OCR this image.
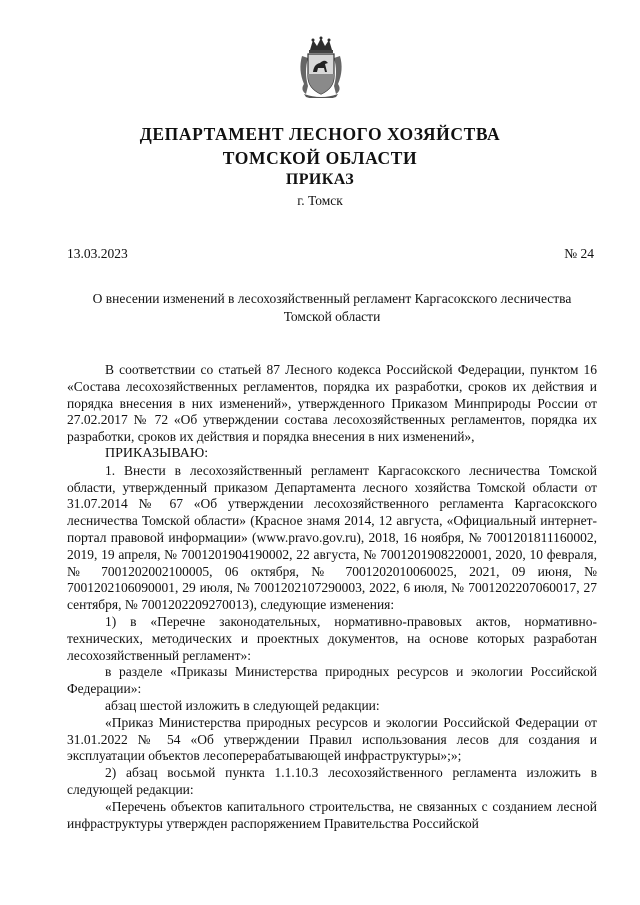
ДЕПАРТАМЕНТ ЛЕСНОГО ХОЗЯЙСТВА
ТОМСКОЙ ОБЛАСТИ
ПРИКАЗ
г. Томск
13.03.2023	№ 24
О внесении изменений в лесохозяйственный регламент Каргасокского лесничества
Томской области

В соответствии со статьей 87 Лесного кодекса Российской Федерации, пунктом 16 «Состава лесохозяйственных регламентов, порядка их разработки, сроков их действия и порядка внесения в них изменений», утвержденного Приказом Минприроды России от 27.02.2017 № 72 «Об утверждении состава лесохозяйственных регламентов, порядка их разработки, сроков их действия и порядка внесения в них изменений»,

ПРИКАЗЫВАЮ:

1. Внести в лесохозяйственный регламент Каргасокского лесничества Томской области, утвержденный приказом Департамента лесного хозяйства Томской области от 31.07.2014 № 67 «Об утверждении лесохозяйственного регламента Каргасокского лесничества Томской области» (Красное знамя 2014, 12 августа, «Официальный интернет-портал правовой информации» (www.pravo.gov.ru), 2018, 16 ноября, № 7001201811160002, 2019, 19 апреля, № 7001201904190002, 22 августа, № 7001201908220001, 2020, 10 февраля, № 7001202002100005, 06 октября, № 7001202010060025, 2021, 09 июня, № 7001202106090001, 29 июля, № 7001202107290003, 2022, 6 июля, № 7001202207060017, 27 сентября, № 7001202209270013), следующие изменения:

1) в «Перечне законодательных, нормативно-правовых актов, нормативно-технических, методических и проектных документов, на основе которых разработан лесохозяйственный регламент»:

в разделе «Приказы Министерства природных ресурсов и экологии Российской Федерации»:

абзац шестой изложить в следующей редакции:

«Приказ Министерства природных ресурсов и экологии Российской Федерации от 31.01.2022 № 54 «Об утверждении Правил использования лесов для создания и эксплуатации объектов лесоперерабатывающей инфраструктуры»;»;

2) абзац восьмой пункта 1.1.10.3 лесохозяйственного регламента изложить в следующей редакции:

«Перечень объектов капитального строительства, не связанных с созданием лесной инфраструктуры утвержден распоряжением Правительства Российской
